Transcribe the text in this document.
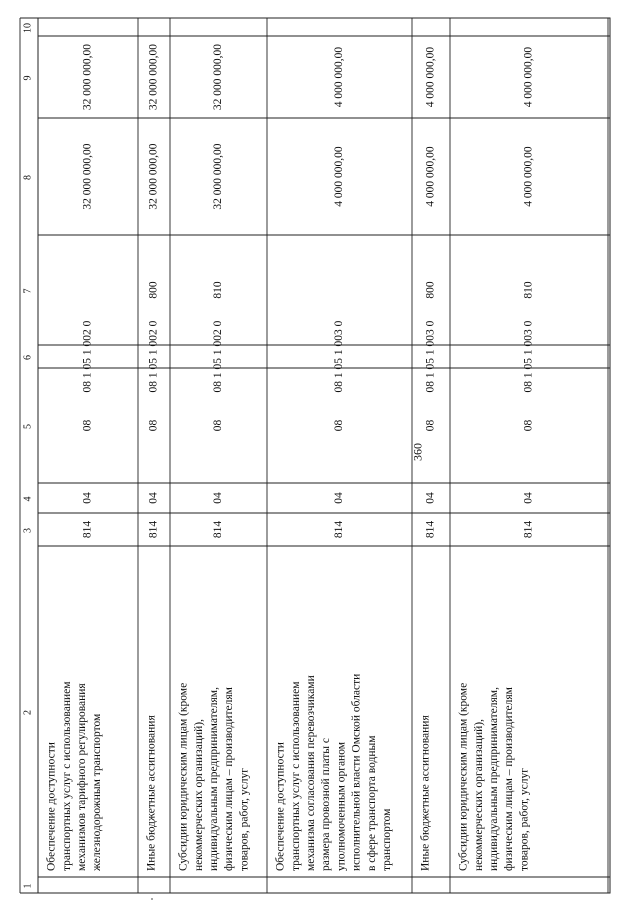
360
1
2
3
4
5
6
7
8
9
10
Обеспечение доступности транспортных услуг с использованием механизмов тарифного регулирования железнодорожным транспортом
814
04
08
08 1 05 1 002 0
32 000 000,00
32 000 000,00
Иные бюджетные ассигнования
814
04
08
08 1 05 1 002 0
800
32 000 000,00
32 000 000,00
Субсидии юридическим лицам (кроме некоммерческих организаций), индивидуальным предпринимателям, физическим лицам – производителям товаров, работ, услуг
814
04
08
08 1 05 1 002 0
810
32 000 000,00
32 000 000,00
Обеспечение доступности транспортных услуг с использованием механизма согласования перевозчиками размера провозной платы с уполномоченным органом исполнительной власти Омской области в сфере транспорта водным транспортом
814
04
08
08 1 05 1 003 0
4 000 000,00
4 000 000,00
Иные бюджетные ассигнования
814
04
08
08 1 05 1 003 0
800
4 000 000,00
4 000 000,00
Субсидии юридическим лицам (кроме некоммерческих организаций), индивидуальным предпринимателям, физическим лицам – производителям товаров, работ, услуг
814
04
08
08 1 05 1 003 0
810
4 000 000,00
4 000 000,00
